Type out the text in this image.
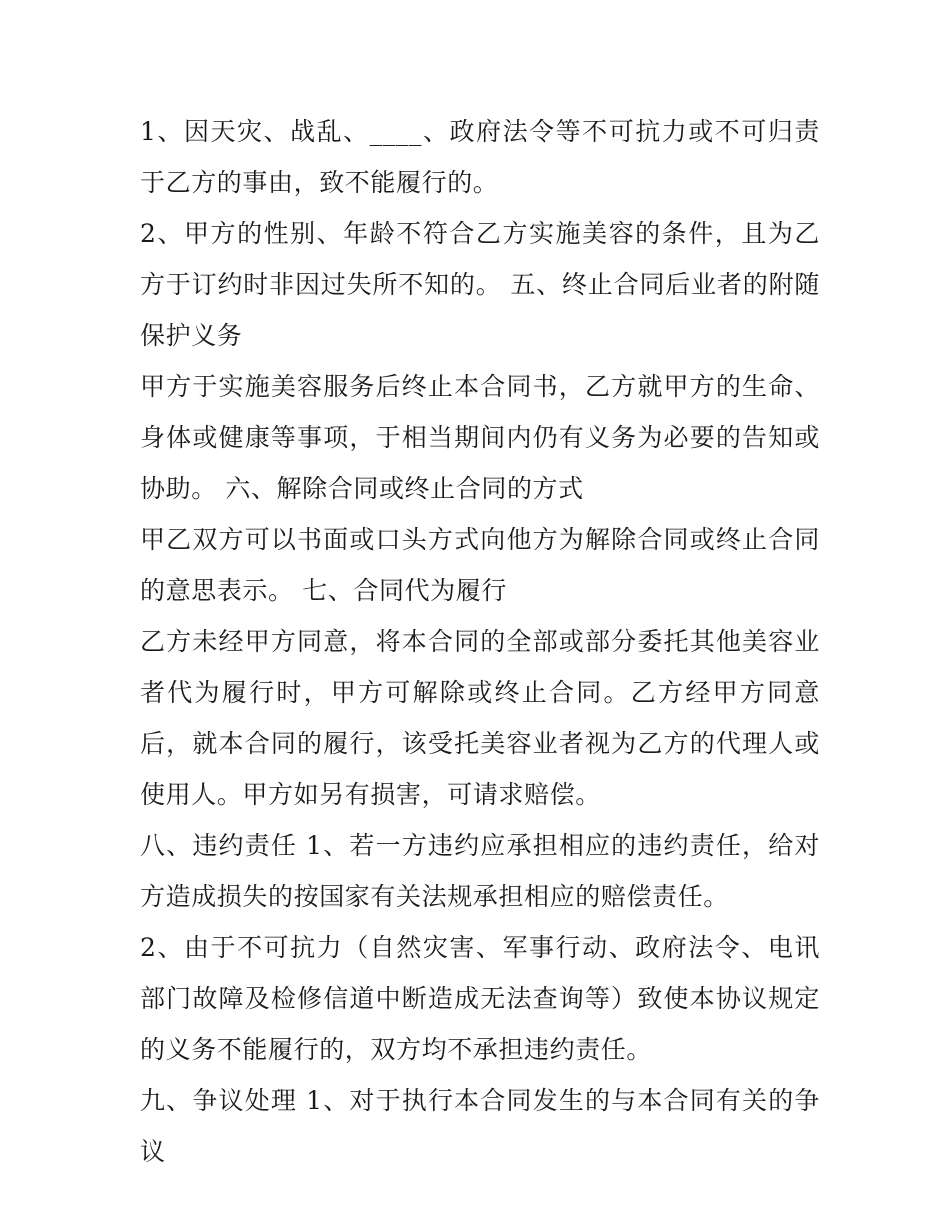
1、因天灾、战乱、____、政府法令等不可抗力或不可归责于乙方的事由，致不能履行的。

2、甲方的性别、年龄不符合乙方实施美容的条件，且为乙方于订约时非因过失所不知的。 五、终止合同后业者的附随保护义务

甲方于实施美容服务后终止本合同书，乙方就甲方的生命、身体或健康等事项，于相当期间内仍有义务为必要的告知或协助。 六、解除合同或终止合同的方式

甲乙双方可以书面或口头方式向他方为解除合同或终止合同的意思表示。 七、合同代为履行

乙方未经甲方同意，将本合同的全部或部分委托其他美容业者代为履行时，甲方可解除或终止合同。乙方经甲方同意后，就本合同的履行，该受托美容业者视为乙方的代理人或使用人。甲方如另有损害，可请求赔偿。

八、违约责任 1、若一方违约应承担相应的违约责任，给对方造成损失的按国家有关法规承担相应的赔偿责任。

2、由于不可抗力（自然灾害、军事行动、政府法令、电讯部门故障及检修信道中断造成无法查询等）致使本协议规定的义务不能履行的，双方均不承担违约责任。

九、争议处理 1、对于执行本合同发生的与本合同有关的争议
